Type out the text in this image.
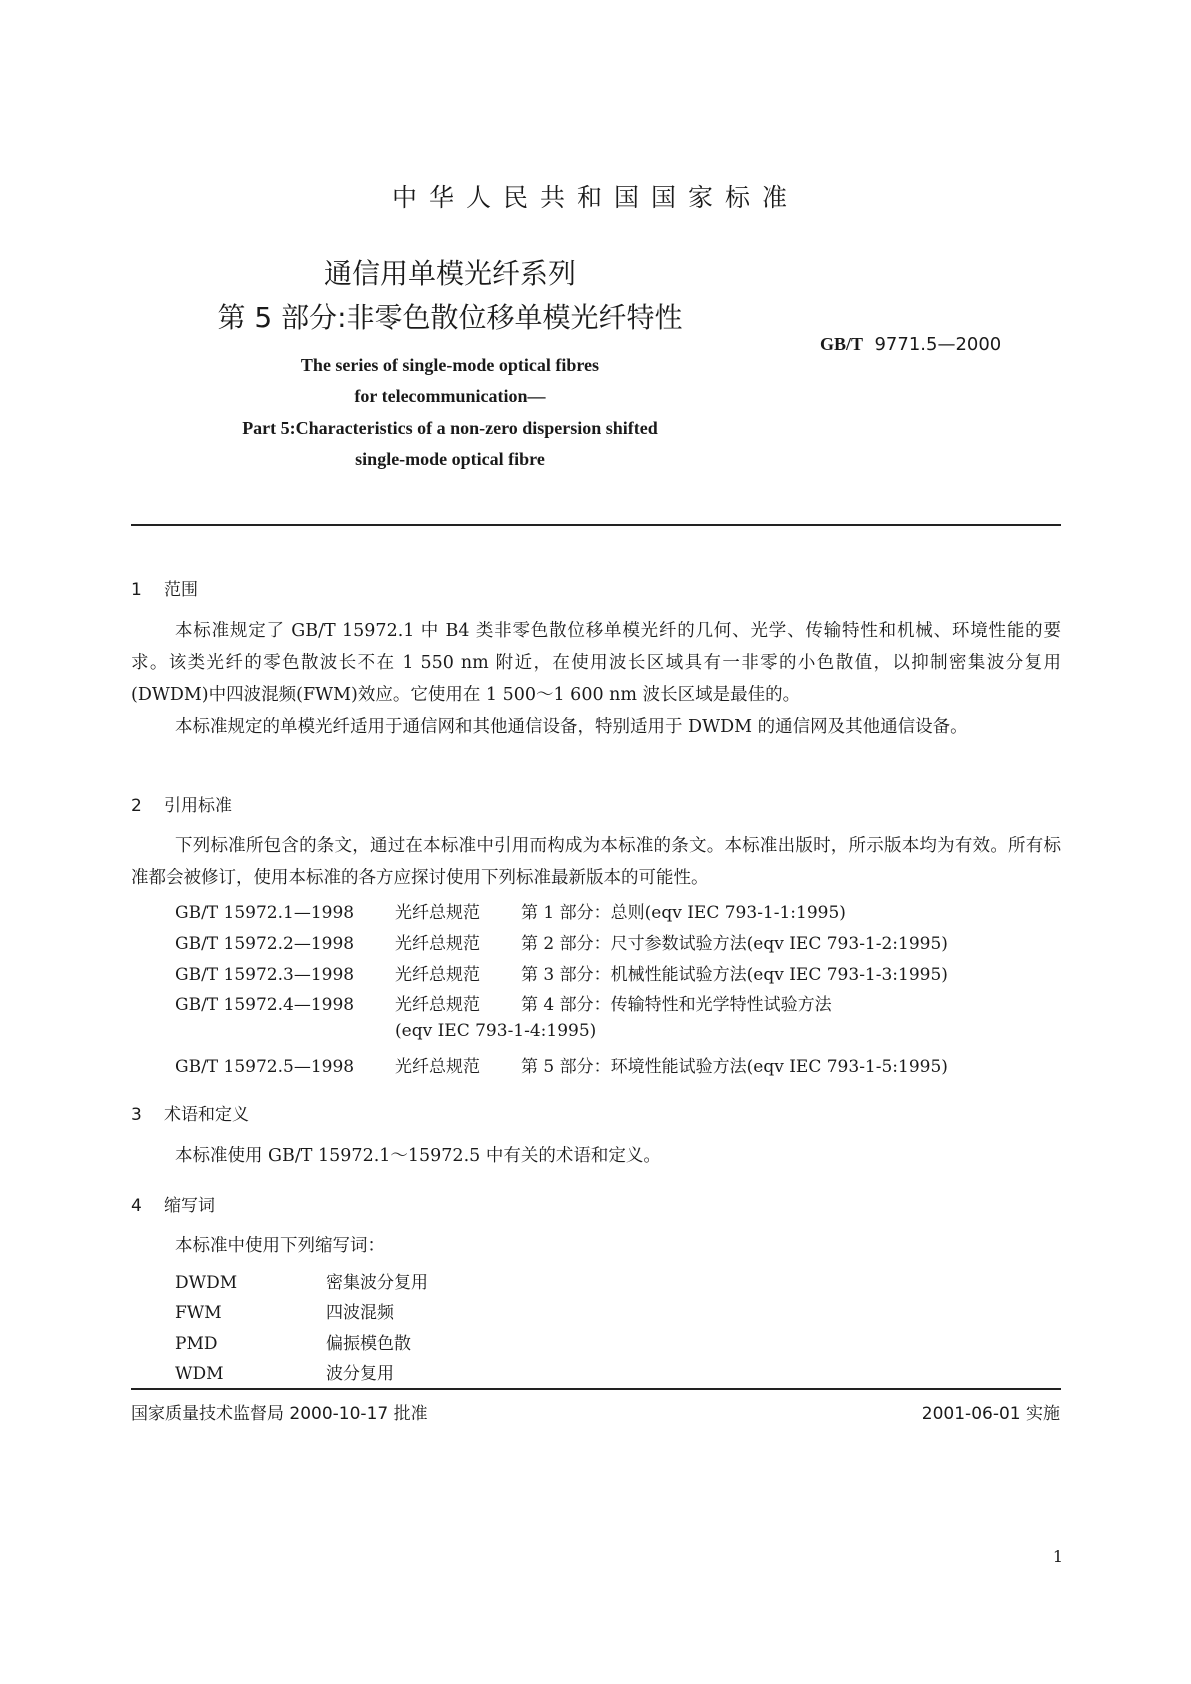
中华人民共和国国家标准
通信用单模光纤系列
第 5 部分:非零色散位移单模光纤特性
GB/T 9771.5—2000
The series of single-mode optical fibres
for telecommunication—
Part 5:Characteristics of a non-zero dispersion shifted
single-mode optical fibre
1 范围
本标准规定了 GB/T 15972.1 中 B4 类非零色散位移单模光纤的几何、光学、传输特性和机械、环境性能的要求。该类光纤的零色散波长不在 1 550 nm 附近，在使用波长区域具有一非零的小色散值，以抑制密集波分复用(DWDM)中四波混频(FWM)效应。它使用在 1 500～1 600 nm 波长区域是最佳的。
本标准规定的单模光纤适用于通信网和其他通信设备，特别适用于 DWDM 的通信网及其他通信设备。
2 引用标准
下列标准所包含的条文，通过在本标准中引用而构成为本标准的条文。本标准出版时，所示版本均为有效。所有标准都会被修订，使用本标准的各方应探讨使用下列标准最新版本的可能性。
GB/T 15972.1—1998 光纤总规范 第 1 部分：总则(eqv IEC 793-1-1:1995)
GB/T 15972.2—1998 光纤总规范 第 2 部分：尺寸参数试验方法(eqv IEC 793-1-2:1995)
GB/T 15972.3—1998 光纤总规范 第 3 部分：机械性能试验方法(eqv IEC 793-1-3:1995)
GB/T 15972.4—1998 光纤总规范 第 4 部分：传输特性和光学特性试验方法
(eqv IEC 793-1-4:1995)
GB/T 15972.5—1998 光纤总规范 第 5 部分：环境性能试验方法(eqv IEC 793-1-5:1995)
3 术语和定义
本标准使用 GB/T 15972.1～15972.5 中有关的术语和定义。
4 缩写词
本标准中使用下列缩写词：
DWDM	密集波分复用
FWM	四波混频
PMD	偏振模色散
WDM	波分复用
国家质量技术监督局 2000-10-17 批准	2001-06-01 实施
1
